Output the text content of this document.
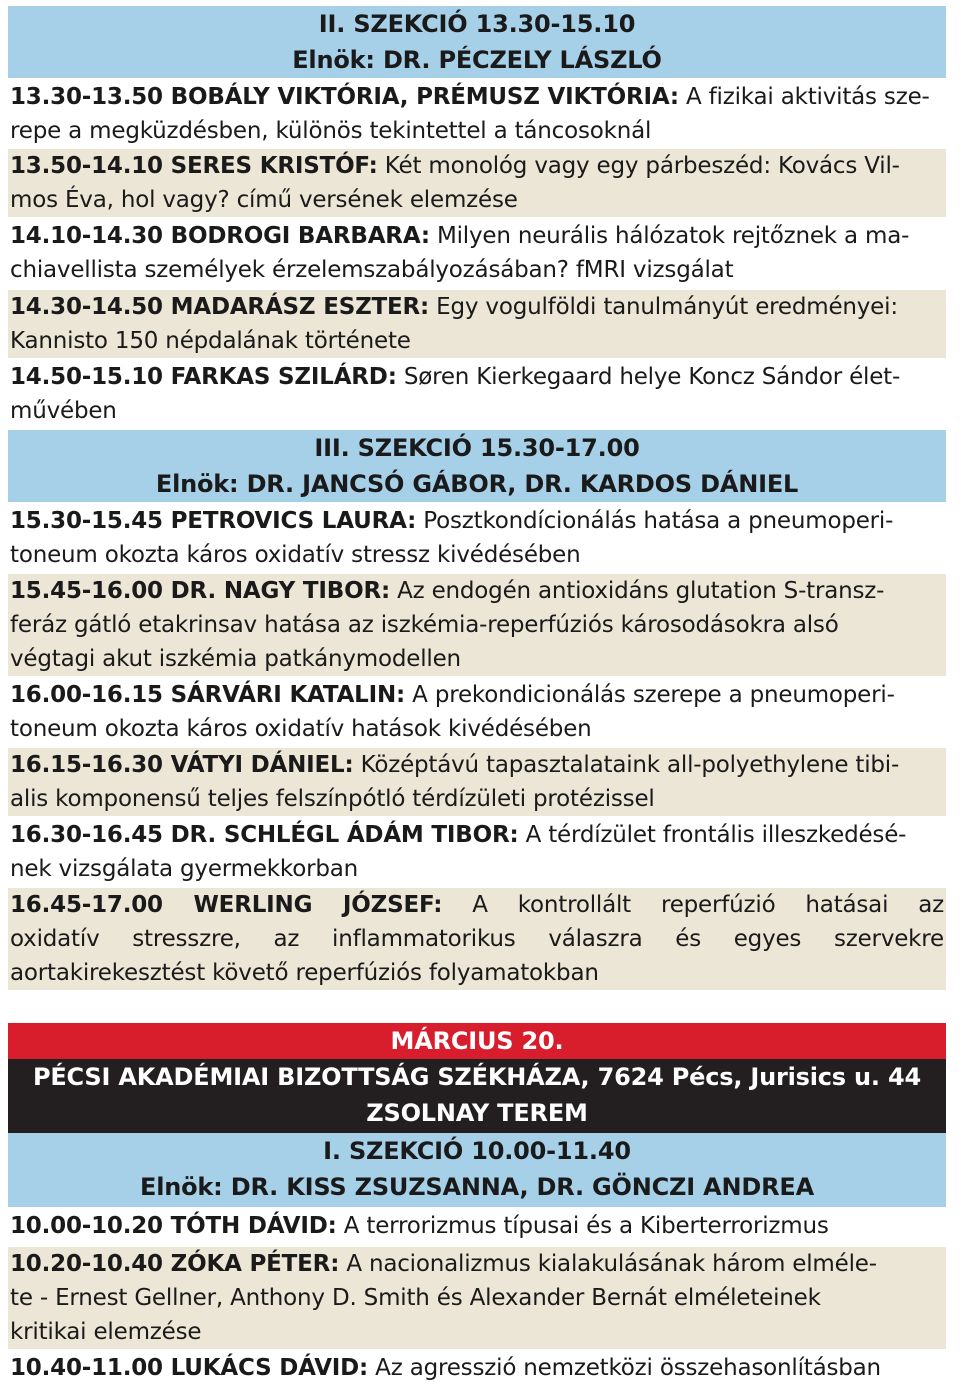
II. SZEKCIÓ 13.30-15.10
Elnök: DR. PÉCZELY LÁSZLÓ
13.30-13.50 BOBÁLY VIKTÓRIA, PRÉMUSZ VIKTÓRIA: A fizikai aktivitás sze-
repe a megküzdésben, különös tekintettel a táncosoknál
13.50-14.10 SERES KRISTÓF: Két monológ vagy egy párbeszéd: Kovács Vil-
mos Éva, hol vagy? című versének elemzése
14.10-14.30 BODROGI BARBARA: Milyen neurális hálózatok rejtőznek a ma-
chiavellista személyek érzelemszabályozásában? fMRI vizsgálat
14.30-14.50 MADARÁSZ ESZTER: Egy vogulföldi tanulmányút eredményei:
Kannisto 150 népdalának története
14.50-15.10 FARKAS SZILÁRD: Søren Kierkegaard helye Koncz Sándor élet-
művében
III. SZEKCIÓ 15.30-17.00
Elnök: DR. JANCSÓ GÁBOR, DR. KARDOS DÁNIEL
15.30-15.45 PETROVICS LAURA: Posztkondícionálás hatása a pneumoperi-
toneum okozta káros oxidatív stressz kivédésében
15.45-16.00 DR. NAGY TIBOR: Az endogén antioxidáns glutation S-transz-
feráz gátló etakrinsav hatása az iszkémia-reperfúziós károsodásokra alsó
végtagi akut iszkémia patkánymodellen
16.00-16.15 SÁRVÁRI KATALIN: A prekondicionálás szerepe a pneumoperi-
toneum okozta káros oxidatív hatások kivédésében
16.15-16.30 VÁTYI DÁNIEL: Középtávú tapasztalataink all-polyethylene tibi-
alis komponensű teljes felszínpótló térdízületi protézissel
16.30-16.45 DR. SCHLÉGL ÁDÁM TIBOR: A térdízület frontális illeszkedésé-
nek vizsgálata gyermekkorban
16.45-17.00 WERLING JÓZSEF: A kontrollált reperfúzió hatásai az
oxidatív stresszre, az inflammatorikus válaszra és egyes szervekre
aortakirekesztést követő reperfúziós folyamatokban
MÁRCIUS 20.
PÉCSI AKADÉMIAI BIZOTTSÁG SZÉKHÁZA, 7624 Pécs, Jurisics u. 44
ZSOLNAY TEREM
I. SZEKCIÓ 10.00-11.40
Elnök: DR. KISS ZSUZSANNA, DR. GÖNCZI ANDREA
10.00-10.20 TÓTH DÁVID: A terrorizmus típusai és a Kiberterrorizmus
10.20-10.40 ZÓKA PÉTER: A nacionalizmus kialakulásának három elméle-
te - Ernest Gellner, Anthony D. Smith és Alexander Bernát elméleteinek
kritikai elemzése
10.40-11.00 LUKÁCS DÁVID: Az agresszió nemzetközi összehasonlításban
